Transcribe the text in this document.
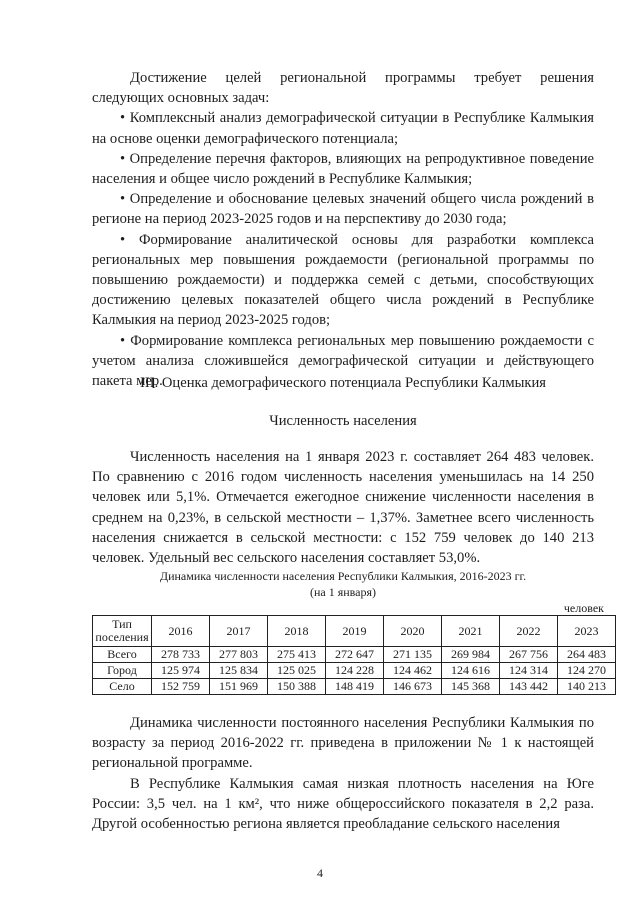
Достижение целей региональной программы требует решения следующих основных задач:

• Комплексный анализ демографической ситуации в Республике Калмыкия на основе оценки демографического потенциала;

• Определение перечня факторов, влияющих на репродуктивное поведение населения и общее число рождений в Республике Калмыкия;

• Определение и обоснование целевых значений общего числа рождений в регионе на период 2023-2025 годов и на перспективу до 2030 года;

• Формирование аналитической основы для разработки комплекса региональных мер повышения рождаемости (региональной программы по повышению рождаемости) и поддержка семей с детьми, способствующих достижению целевых показателей общего числа рождений в Республике Калмыкия на период 2023-2025 годов;

• Формирование комплекса региональных мер повышению рождаемости с учетом анализа сложившейся демографической ситуации и действующего пакета мер.

III. Оценка демографического потенциала Республики Калмыкия
Численность населения

Численность населения на 1 января 2023 г. составляет 264 483 человек. По сравнению с 2016 годом численность населения уменьшилась на 14 250 человек или 5,1%. Отмечается ежегодное снижение численности населения в среднем на 0,23%, в сельской местности – 1,37%. Заметнее всего численность населения снижается в сельской местности: с 152 759 человек до 140 213 человек. Удельный вес сельского населения составляет 53,0%.

Динамика численности населения Республики Калмыкия, 2016-2023 гг.
(на 1 января)
человек
Тип поселения	2016	2017	2018	2019	2020	2021	2022	2023
Всего	278 733	277 803	275 413	272 647	271 135	269 984	267 756	264 483
Город	125 974	125 834	125 025	124 228	124 462	124 616	124 314	124 270
Село	152 759	151 969	150 388	148 419	146 673	145 368	143 442	140 213

Динамика численности постоянного населения Республики Калмыкия по возрасту за период 2016-2022 гг. приведена в приложении № 1 к настоящей региональной программе.

В Республике Калмыкия самая низкая плотность населения на Юге России: 3,5 чел. на 1 км², что ниже общероссийского показателя в 2,2 раза. Другой особенностью региона является преобладание сельского населения

4
